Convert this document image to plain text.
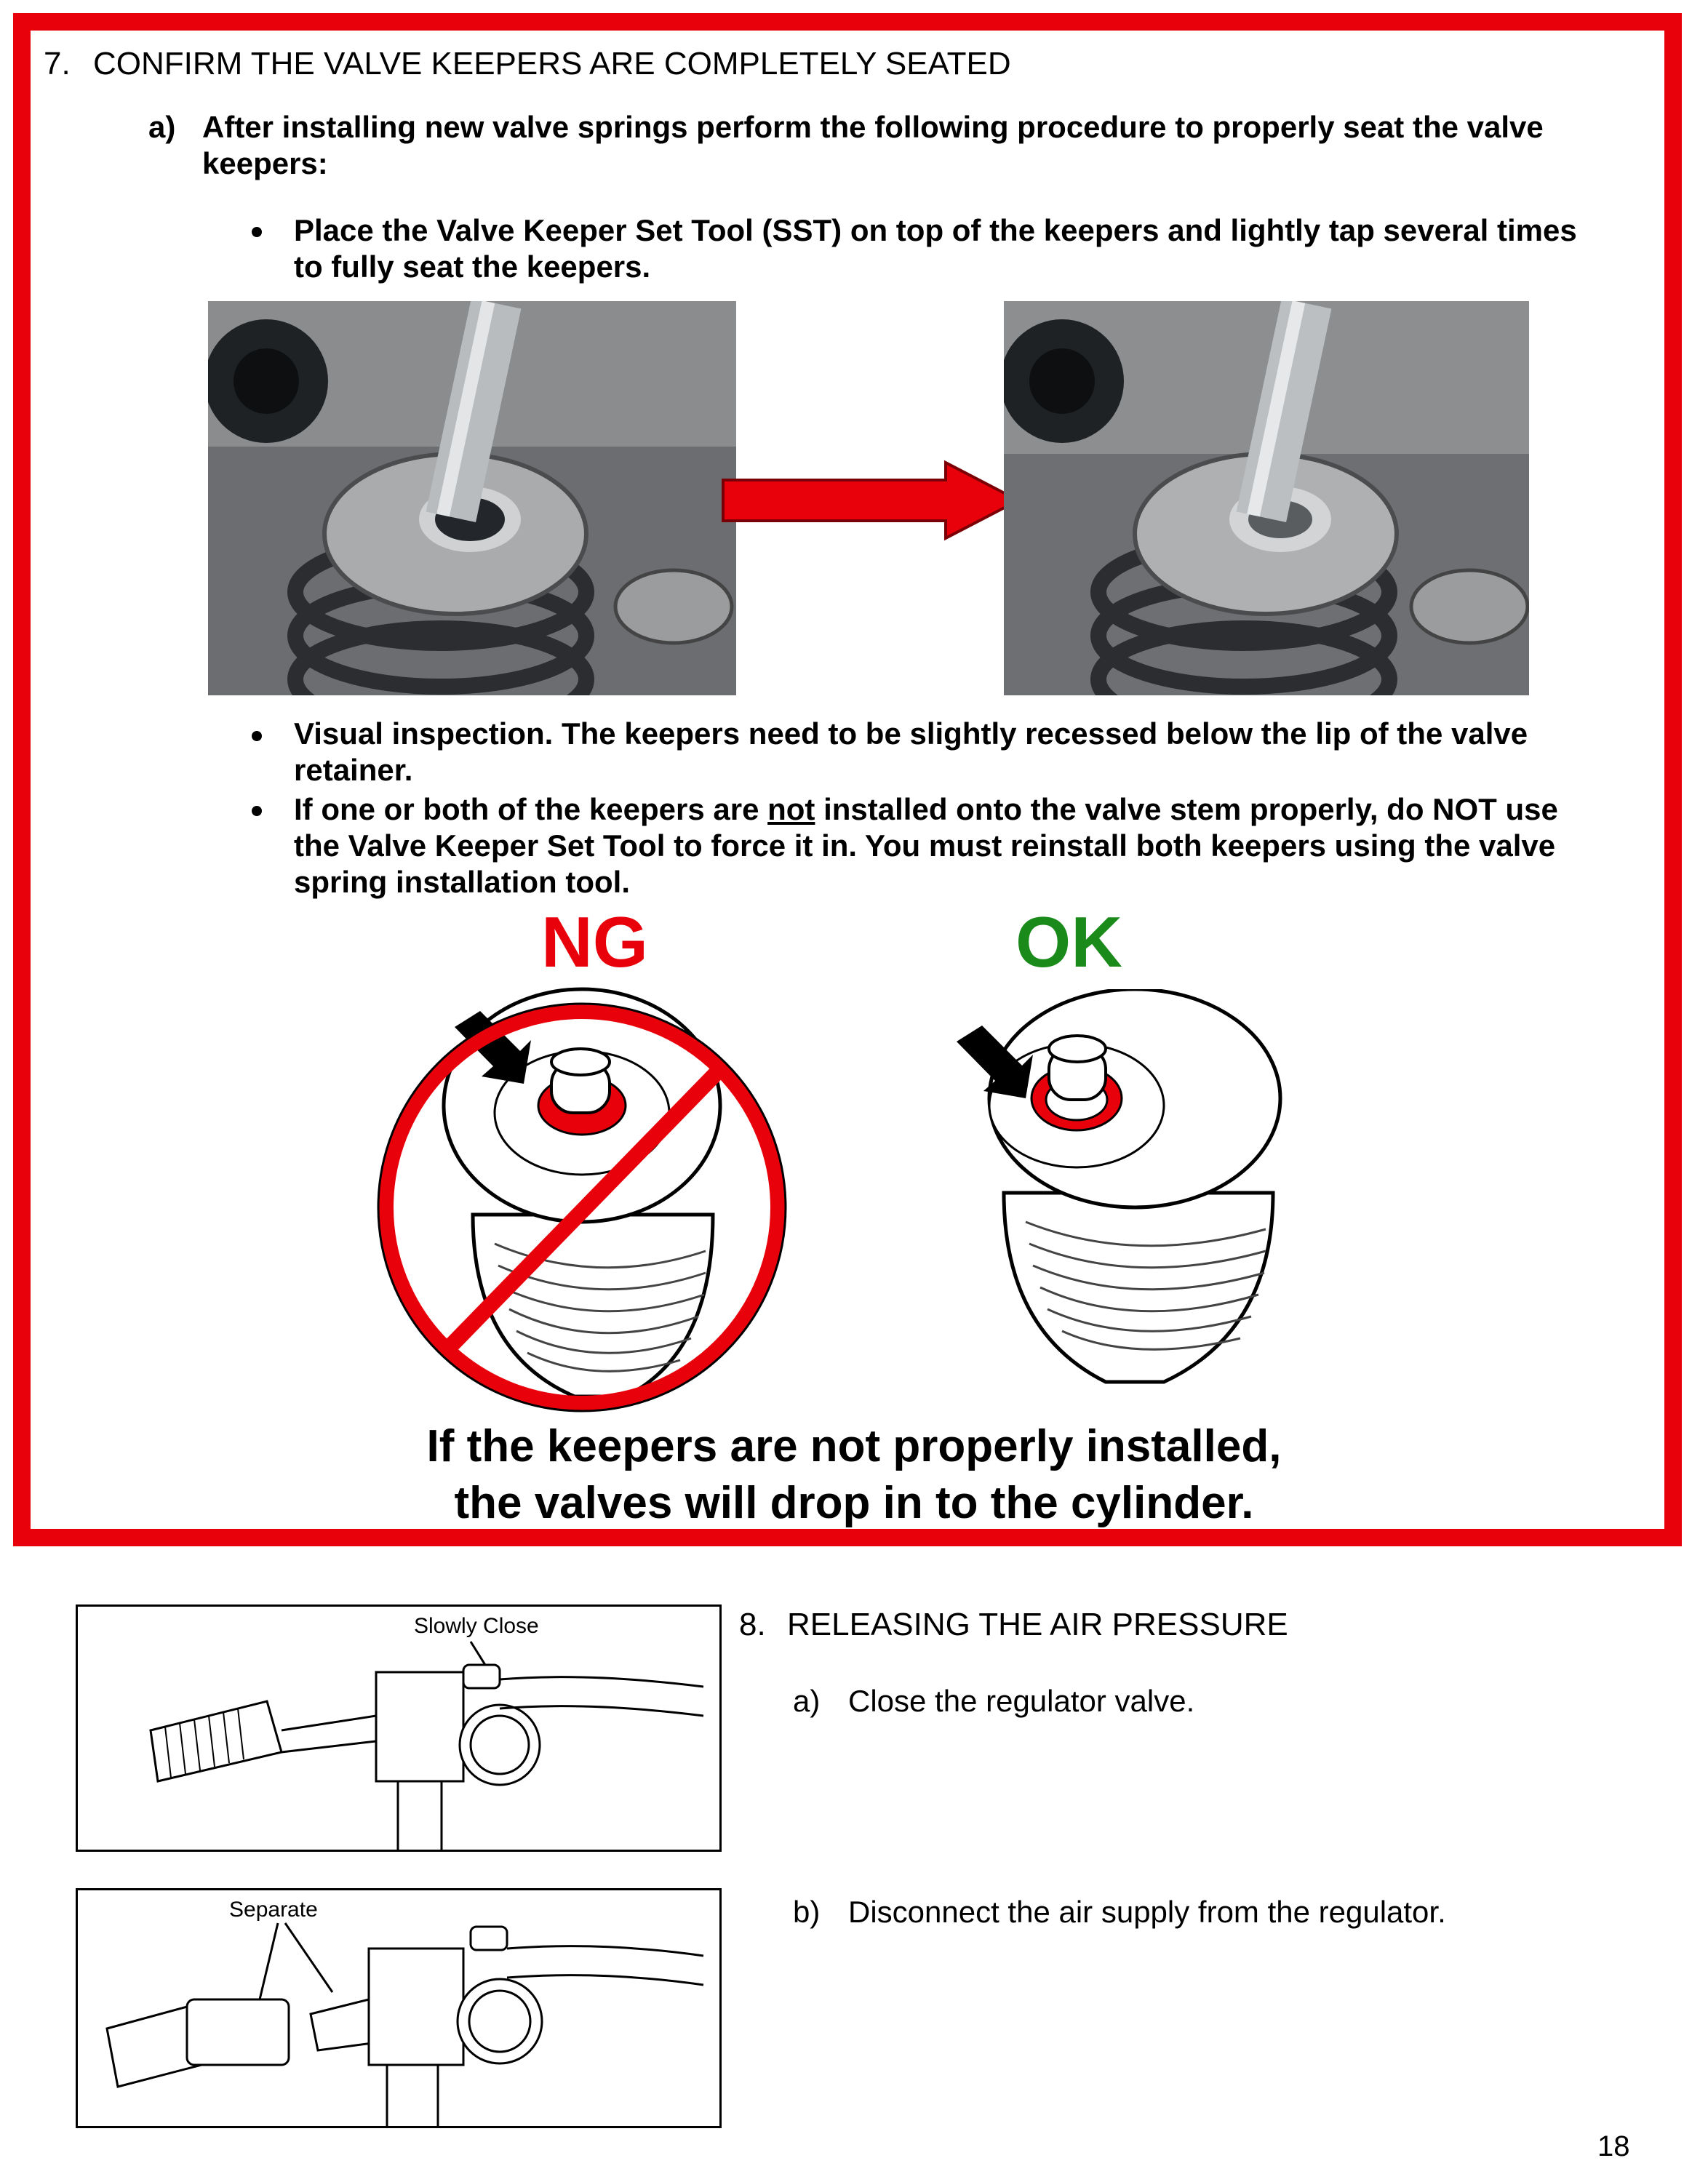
7. CONFIRM THE VALVE KEEPERS ARE COMPLETELY SEATED
a) After installing new valve springs perform the following procedure to properly seat the valve
keepers:
Place the Valve Keeper Set Tool (SST) on top of the keepers and lightly tap several times
to fully seat the keepers.
Visual inspection. The keepers need to be slightly recessed below the lip of the valve
retainer.
If one or both of the keepers are not installed onto the valve stem properly, do NOT use
the Valve Keeper Set Tool to force it in. You must reinstall both keepers using the valve
spring installation tool.
NG	OK
If the keepers are not properly installed,
the valves will drop in to the cylinder.
Slowly Close
Separate
8. RELEASING THE AIR PRESSURE
a) Close the regulator valve.
b) Disconnect the air supply from the regulator.
18
